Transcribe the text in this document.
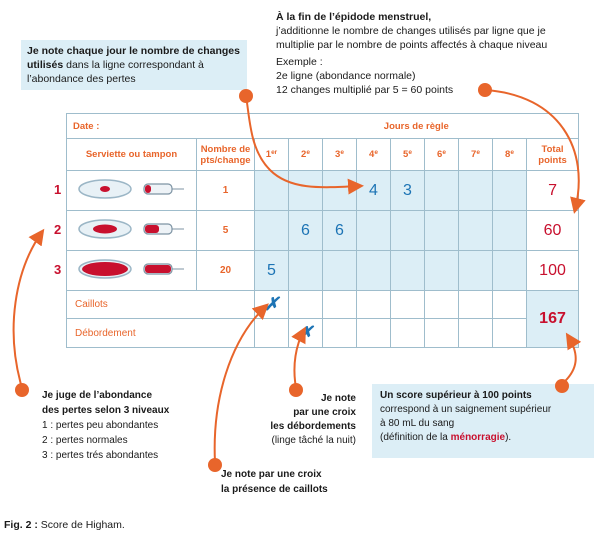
Je note chaque jour le nombre de changes utilisés dans la ligne correspondant à l’abondance des pertes
À la fin de l’épidode menstruel,
j’additionne le nombre de changes utilisés par ligne que je
multiplie par le nombre de points affectés à chaque niveau
Exemple :
2e ligne (abondance normale)
12 changes multiplié par 5 = 60 points
1
2
3
Date :		Jours de règle								
Serviette ou tampon	Nombre de pts/change	1er	2e	3e	4e	5e	6e	7e	8e	Total points
	1				4	3				7
	5		6	6						60
	20	5								100
Caillots		✗								167
Débordement			✗							
Je juge de l’abondance
des pertes selon 3 niveaux
1 : pertes peu abondantes
2 : pertes normales
3 : pertes trés abondantes
Je note
par une croix
les débordements
(linge tâché la nuit)
Je note par une croix
la présence de caillots
Un score supérieur à 100 points
correspond à un saignement supérieur
à 80 mL du sang
(définition de la ménorragie).
Fig. 2 : Score de Higham.
